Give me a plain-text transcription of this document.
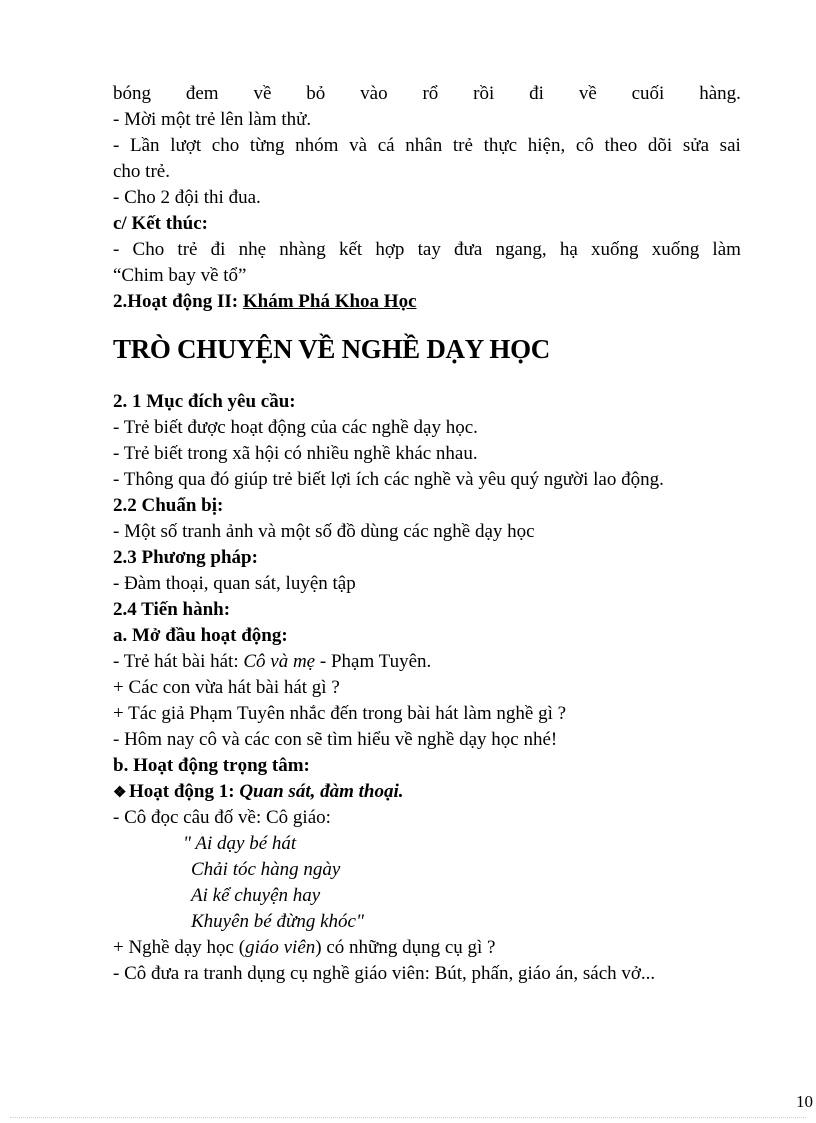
bóng đem về bỏ vào rổ rồi đi về cuối hàng.
- Mời một trẻ lên làm thử.
- Lần lượt cho từng nhóm và cá nhân trẻ thực hiện, cô theo dõi sửa sai
cho trẻ.
- Cho 2 đội thi đua.
c/ Kết thúc:
- Cho trẻ đi nhẹ nhàng kết hợp tay đưa ngang, hạ xuống xuống làm
“Chim bay về tổ”
2.Hoạt động II: Khám Phá Khoa Học
TRÒ CHUYỆN VỀ NGHỀ DẠY HỌC
2. 1 Mục đích yêu cầu:
- Trẻ biết được hoạt động của các nghề dạy học.
- Trẻ biết trong xã hội có nhiều nghề khác nhau.
- Thông qua đó giúp trẻ biết lợi ích các nghề và yêu quý người lao động.
2.2 Chuẩn bị:
- Một số tranh ảnh và một số đồ dùng các nghề dạy học
2.3 Phương pháp:
- Đàm thoại, quan sát, luyện tập
2.4 Tiến hành:
a. Mở đầu hoạt động:
- Trẻ hát bài hát: Cô và mẹ - Phạm Tuyên.
+ Các con vừa hát bài hát gì ?
+ Tác giả Phạm Tuyên nhắc đến trong bài hát làm nghề gì ?
- Hôm nay cô và các con sẽ tìm hiểu về nghề dạy học nhé!
b. Hoạt động trọng tâm:
❖ Hoạt động 1: Quan sát, đàm thoại.
- Cô đọc câu đố về: Cô giáo:
" Ai dạy bé hát
Chải tóc hàng ngày
Ai kể chuyện hay
Khuyên bé đừng khóc"
+ Nghề dạy học (giáo viên) có những dụng cụ gì ?
- Cô đưa ra tranh dụng cụ nghề giáo viên: Bút, phấn, giáo án, sách vở...
10
